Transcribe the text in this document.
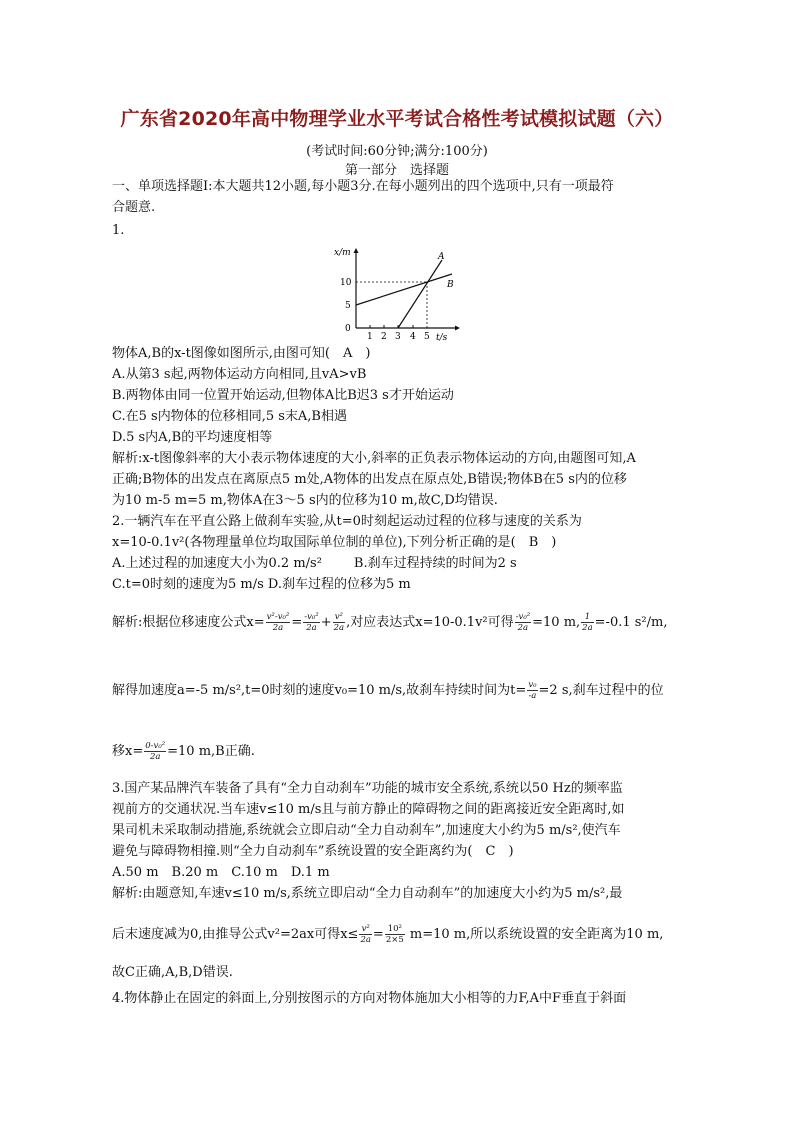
广东省2020年高中物理学业水平考试合格性考试模拟试题（六）
(考试时间:60分钟;满分:100分)
第一部分　选择题
一、单项选择题Ⅰ:本大题共12小题,每小题3分.在每小题列出的四个选项中,只有一项最符
合题意.
1.
x/m	A
B
10
5
0
1 2 3 4 5 t/s
物体A,B的x-t图像如图所示,由图可知(　A　)
A.从第3 s起,两物体运动方向相同,且vA>vB
B.两物体由同一位置开始运动,但物体A比B迟3 s才开始运动
C.在5 s内物体的位移相同,5 s末A,B相遇
D.5 s内A,B的平均速度相等
解析:x-t图像斜率的大小表示物体速度的大小,斜率的正负表示物体运动的方向,由题图可知,A
正确;B物体的出发点在离原点5 m处,A物体的出发点在原点处,B错误;物体B在5 s内的位移
为10 m-5 m=5 m,物体A在3～5 s内的位移为10 m,故C,D均错误.
2.一辆汽车在平直公路上做刹车实验,从t=0时刻起运动过程的位移与速度的关系为
x=10-0.1v²(各物理量单位均取国际单位制的单位),下列分析正确的是(　B　)
A.上述过程的加速度大小为0.2 m/s² B.刹车过程持续的时间为2 s
C.t=0时刻的速度为5 m/s D.刹车过程的位移为5 m
解析:根据位移速度公式$x= \frac{\text{v²-v₀²}}{2a} = \frac{\text{-v₀²}}{2a} + \frac{\text{v²}}{2a}$ ,对应表达式x=10-0.1v²可得 $\frac{\text{-v₀²}}{2a} =10$ m, $\frac{1}{2a} =-0.1$ s²/m,
解得加速度a=-5 m/s²,t=0时刻的速度v₀=10 m/s,故刹车持续时间为$t= \frac{\text{v₀}}{-a} =2$ s,刹车过程中的位
移$x= \frac{\text{0-v₀²}}{2a} =10$ m,B正确.
3.国产某品牌汽车装备了具有“全力自动刹车”功能的城市安全系统,系统以50 Hz的频率监
视前方的交通状况.当车速v≤10 m/s且与前方静止的障碍物之间的距离接近安全距离时,如
果司机未采取制动措施,系统就会立即启动“全力自动刹车”,加速度大小约为5 m/s²,使汽车
避免与障碍物相撞.则“全力自动刹车”系统设置的安全距离约为(　C　)
A.50 m　B.20 m　C.10 m　D.1 m
解析:由题意知,车速v≤10 m/s,系统立即启动“全力自动刹车”的加速度大小约为5 m/s²,最
后末速度减为0,由推导公式v²=2ax可得$x\le \frac{\text{v²}}{2a} = \frac{\text{10²}}{2\times 5} m=10$ m,所以系统设置的安全距离为10 m,
故C正确,A,B,D错误.
4.物体静止在固定的斜面上,分别按图示的方向对物体施加大小相等的力F,A中F垂直于斜面
